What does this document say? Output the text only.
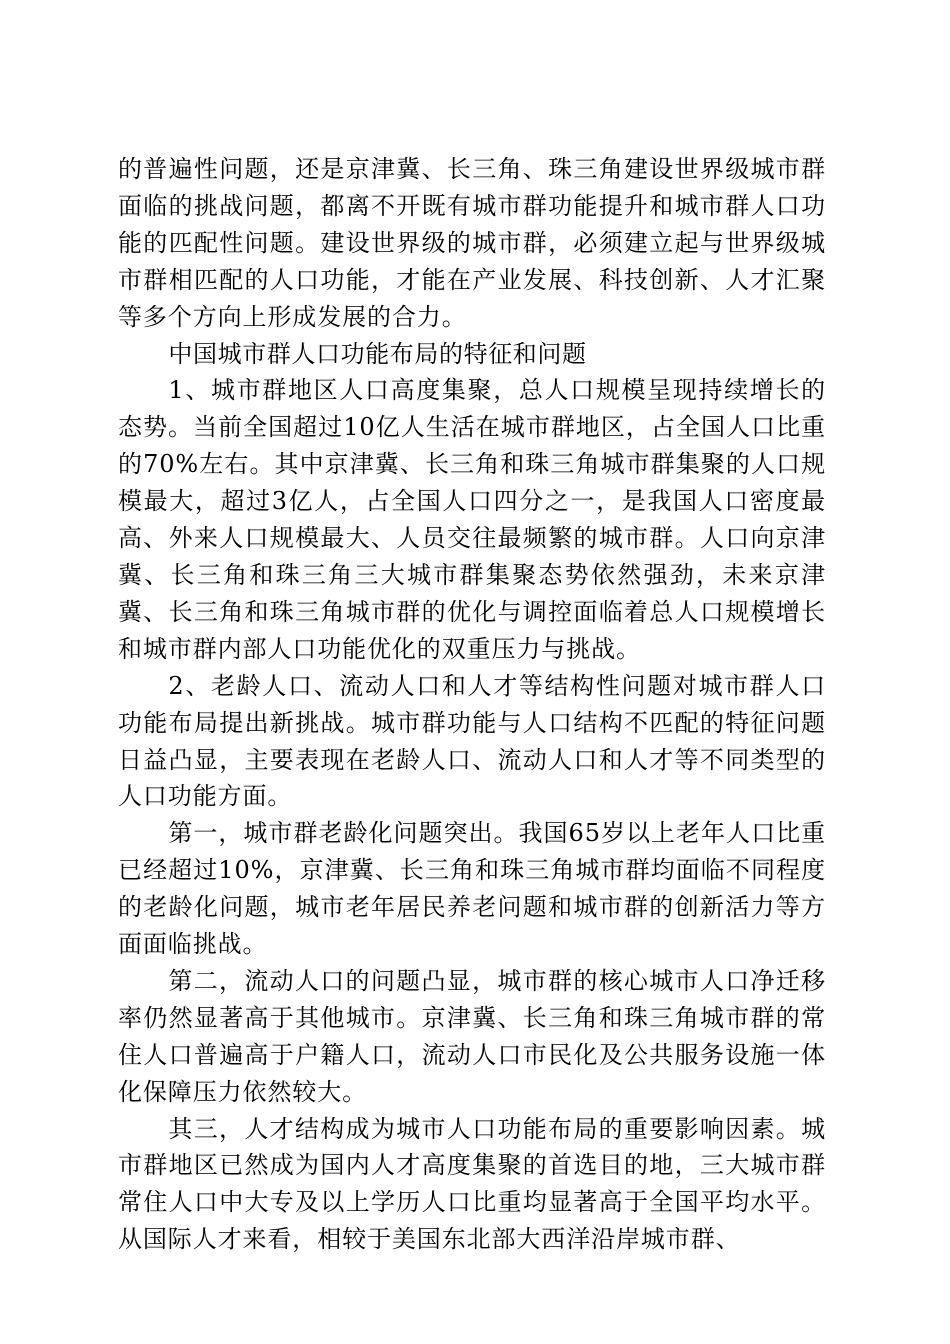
的普遍性问题，还是京津冀、长三角、珠三角建设世界级城市群面临的挑战问题，都离不开既有城市群功能提升和城市群人口功能的匹配性问题。建设世界级的城市群，必须建立起与世界级城市群相匹配的人口功能，才能在产业发展、科技创新、人才汇聚等多个方向上形成发展的合力。

中国城市群人口功能布局的特征和问题

1、城市群地区人口高度集聚，总人口规模呈现持续增长的态势。当前全国超过10亿人生活在城市群地区，占全国人口比重的70%左右。其中京津冀、长三角和珠三角城市群集聚的人口规模最大，超过3亿人，占全国人口四分之一，是我国人口密度最高、外来人口规模最大、人员交往最频繁的城市群。人口向京津冀、长三角和珠三角三大城市群集聚态势依然强劲，未来京津冀、长三角和珠三角城市群的优化与调控面临着总人口规模增长和城市群内部人口功能优化的双重压力与挑战。

2、老龄人口、流动人口和人才等结构性问题对城市群人口功能布局提出新挑战。城市群功能与人口结构不匹配的特征问题日益凸显，主要表现在老龄人口、流动人口和人才等不同类型的人口功能方面。

第一，城市群老龄化问题突出。我国65岁以上老年人口比重已经超过10%，京津冀、长三角和珠三角城市群均面临不同程度的老龄化问题，城市老年居民养老问题和城市群的创新活力等方面面临挑战。

第二，流动人口的问题凸显，城市群的核心城市人口净迁移率仍然显著高于其他城市。京津冀、长三角和珠三角城市群的常住人口普遍高于户籍人口，流动人口市民化及公共服务设施一体化保障压力依然较大。

其三，人才结构成为城市人口功能布局的重要影响因素。城市群地区已然成为国内人才高度集聚的首选目的地，三大城市群常住人口中大专及以上学历人口比重均显著高于全国平均水平。从国际人才来看，相较于美国东北部大西洋沿岸城市群、
